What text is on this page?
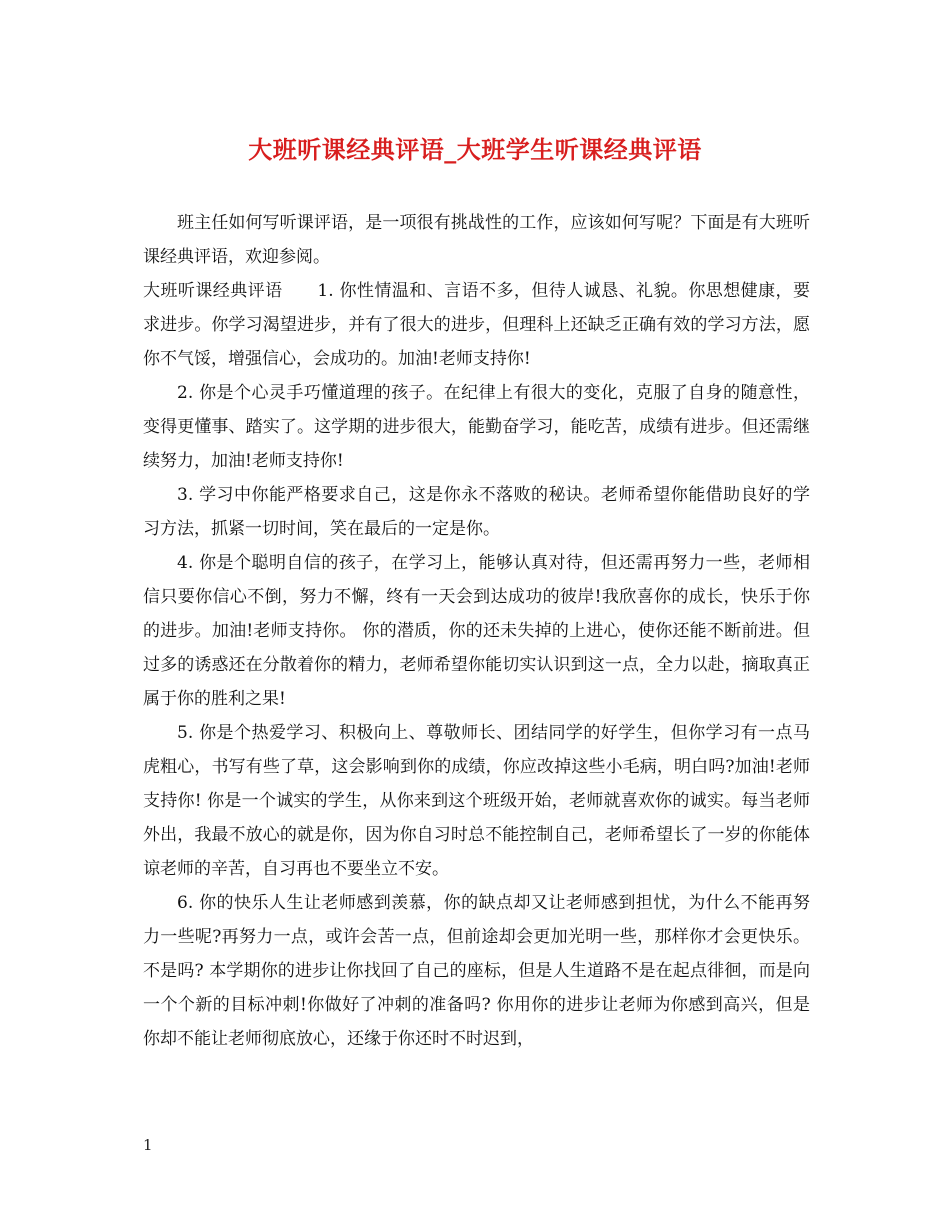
大班听课经典评语_大班学生听课经典评语

班主任如何写听课评语，是一项很有挑战性的工作，应该如何写呢？下面是有大班听课经典评语，欢迎参阅。

大班听课经典评语　　1. 你性情温和、言语不多，但待人诚恳、礼貌。你思想健康，要求进步。你学习渴望进步，并有了很大的进步，但理科上还缺乏正确有效的学习方法，愿你不气馁，增强信心，会成功的。加油!老师支持你!

2. 你是个心灵手巧懂道理的孩子。在纪律上有很大的变化，克服了自身的随意性，变得更懂事、踏实了。这学期的进步很大，能勤奋学习，能吃苦，成绩有进步。但还需继续努力，加油!老师支持你!

3. 学习中你能严格要求自己，这是你永不落败的秘诀。老师希望你能借助良好的学习方法，抓紧一切时间，笑在最后的一定是你。

4. 你是个聪明自信的孩子，在学习上，能够认真对待，但还需再努力一些，老师相信只要你信心不倒，努力不懈，终有一天会到达成功的彼岸!我欣喜你的成长，快乐于你的进步。加油!老师支持你。 你的潜质，你的还未失掉的上进心，使你还能不断前进。但过多的诱惑还在分散着你的精力，老师希望你能切实认识到这一点，全力以赴，摘取真正属于你的胜利之果!

5. 你是个热爱学习、积极向上、尊敬师长、团结同学的好学生，但你学习有一点马虎粗心，书写有些了草，这会影响到你的成绩，你应改掉这些小毛病，明白吗?加油!老师支持你! 你是一个诚实的学生，从你来到这个班级开始，老师就喜欢你的诚实。每当老师外出，我最不放心的就是你，因为你自习时总不能控制自己，老师希望长了一岁的你能体谅老师的辛苦，自习再也不要坐立不安。

6. 你的快乐人生让老师感到羡慕，你的缺点却又让老师感到担忧，为什么不能再努力一些呢?再努力一点，或许会苦一点，但前途却会更加光明一些，那样你才会更快乐。不是吗? 本学期你的进步让你找回了自己的座标，但是人生道路不是在起点徘徊，而是向一个个新的目标冲刺!你做好了冲刺的准备吗? 你用你的进步让老师为你感到高兴，但是你却不能让老师彻底放心，还缘于你还时不时迟到，

1
